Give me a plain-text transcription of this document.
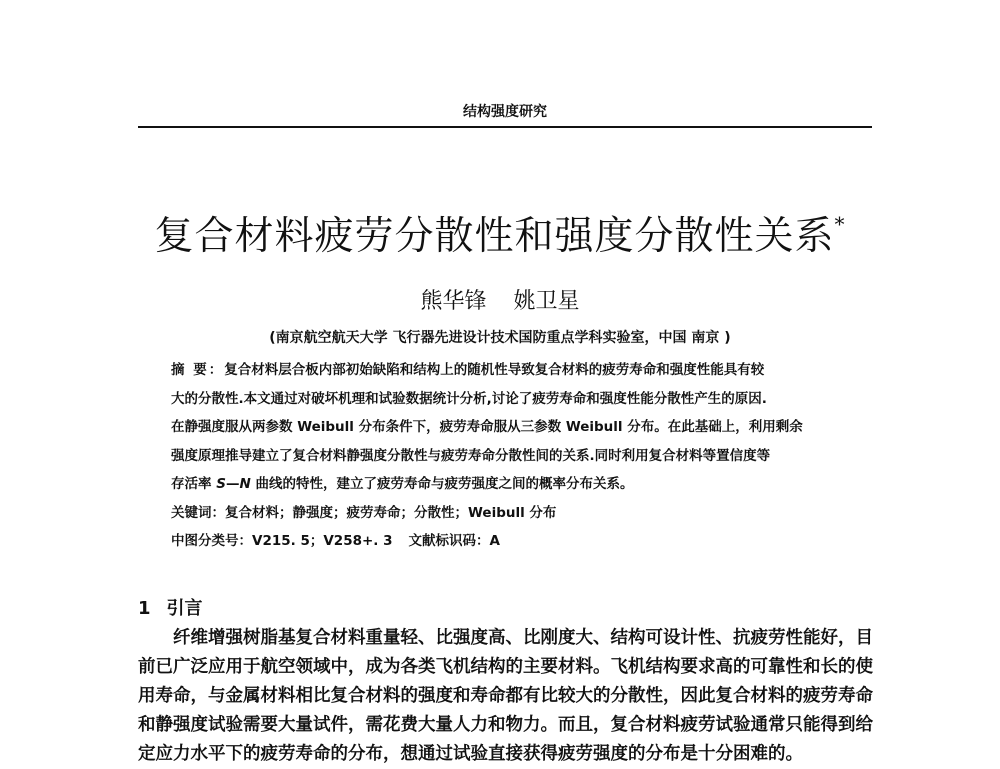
结构强度研究
复合材料疲劳分散性和强度分散性关系*
熊华锋 姚卫星
(南京航空航天大学 飞行器先进设计技术国防重点学科实验室，中国 南京 )
摘 要：复合材料层合板内部初始缺陷和结构上的随机性导致复合材料的疲劳寿命和强度性能具有较
大的分散性.本文通过对破坏机理和试验数据统计分析,讨论了疲劳寿命和强度性能分散性产生的原因.
在静强度服从两参数 Weibull 分布条件下，疲劳寿命服从三参数 Weibull 分布。在此基础上，利用剩余
强度原理推导建立了复合材料静强度分散性与疲劳寿命分散性间的关系.同时利用复合材料等置信度等
存活率 S—N 曲线的特性，建立了疲劳寿命与疲劳强度之间的概率分布关系。
关键词：复合材料；静强度；疲劳寿命；分散性；Weibull 分布
中图分类号：V215. 5；V258+. 3 文献标识码：A
1 引言
纤维增强树脂基复合材料重量轻、比强度高、比刚度大、结构可设计性、抗疲劳性能好，目
前已广泛应用于航空领域中，成为各类飞机结构的主要材料。飞机结构要求高的可靠性和长的使
用寿命，与金属材料相比复合材料的强度和寿命都有比较大的分散性，因此复合材料的疲劳寿命
和静强度试验需要大量试件，需花费大量人力和物力。而且，复合材料疲劳试验通常只能得到给
定应力水平下的疲劳寿命的分布，想通过试验直接获得疲劳强度的分布是十分困难的。
